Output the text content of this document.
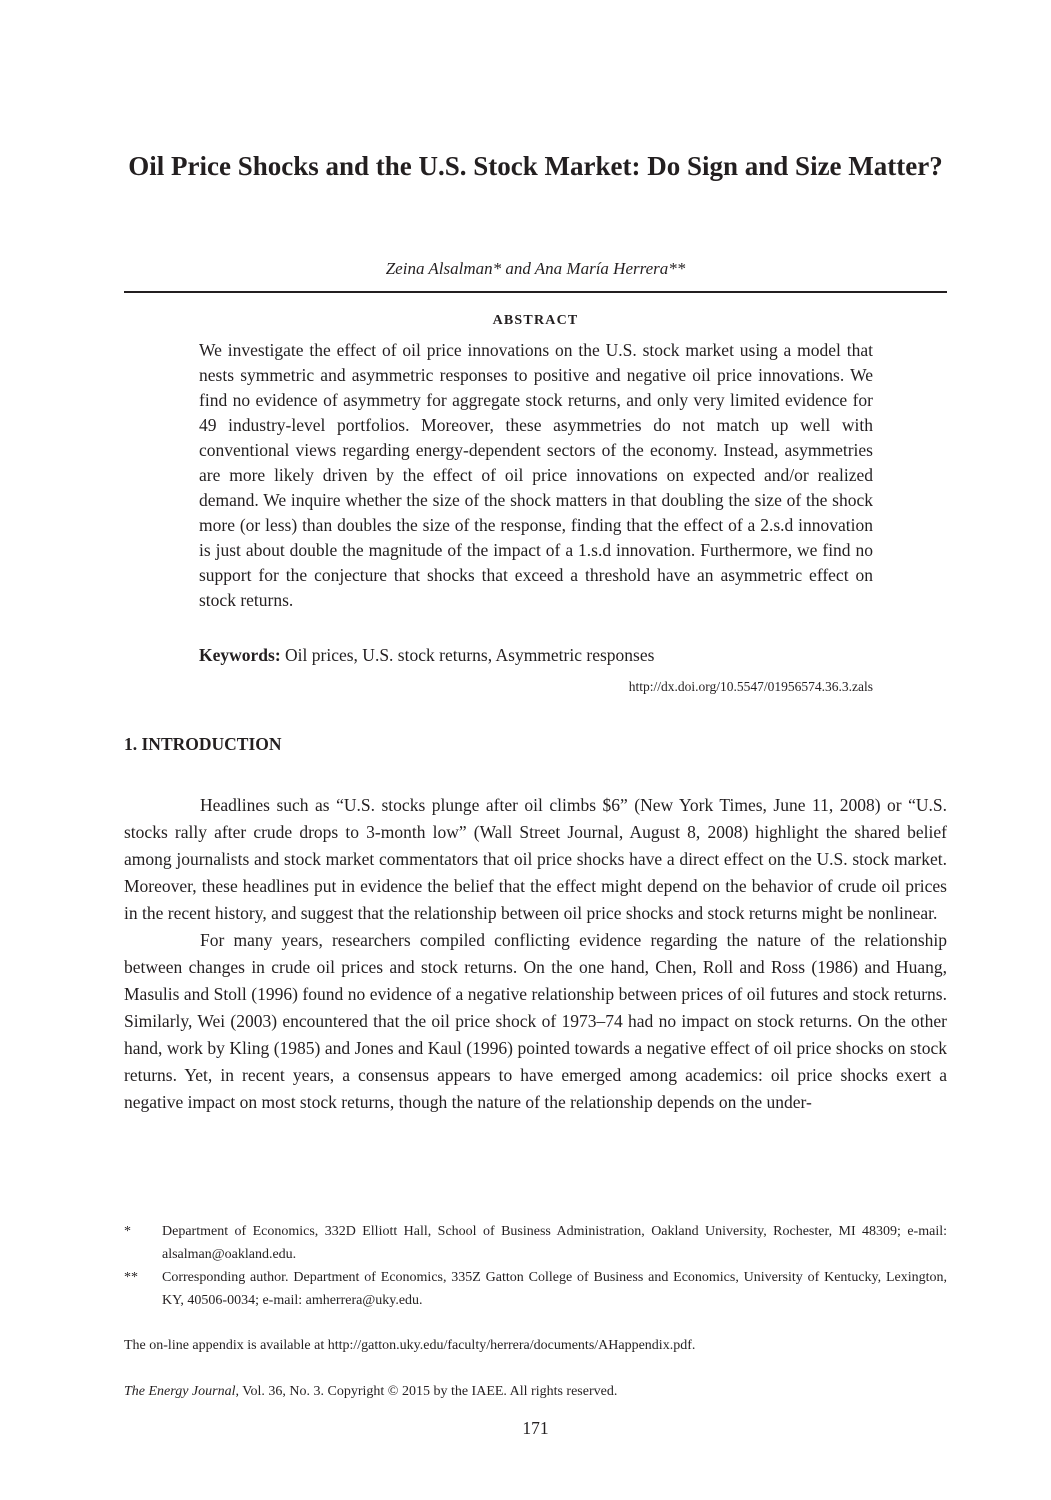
Oil Price Shocks and the U.S. Stock Market: Do Sign and Size Matter?
Zeina Alsalman* and Ana María Herrera**
ABSTRACT

We investigate the effect of oil price innovations on the U.S. stock market using a model that nests symmetric and asymmetric responses to positive and negative oil price innovations. We find no evidence of asymmetry for aggregate stock returns, and only very limited evidence for 49 industry-level portfolios. Moreover, these asymmetries do not match up well with conventional views regarding energy-dependent sectors of the economy. Instead, asymmetries are more likely driven by the effect of oil price innovations on expected and/or realized demand. We inquire whether the size of the shock matters in that doubling the size of the shock more (or less) than doubles the size of the response, finding that the effect of a 2.s.d innovation is just about double the magnitude of the impact of a 1.s.d innovation. Furthermore, we find no support for the conjecture that shocks that exceed a threshold have an asymmetric effect on stock returns.

Keywords: Oil prices, U.S. stock returns, Asymmetric responses

http://dx.doi.org/10.5547/01956574.36.3.zals
1. INTRODUCTION

Headlines such as “U.S. stocks plunge after oil climbs $6” (New York Times, June 11, 2008) or “U.S. stocks rally after crude drops to 3-month low” (Wall Street Journal, August 8, 2008) highlight the shared belief among journalists and stock market commentators that oil price shocks have a direct effect on the U.S. stock market. Moreover, these headlines put in evidence the belief that the effect might depend on the behavior of crude oil prices in the recent history, and suggest that the relationship between oil price shocks and stock returns might be nonlinear.

For many years, researchers compiled conflicting evidence regarding the nature of the relationship between changes in crude oil prices and stock returns. On the one hand, Chen, Roll and Ross (1986) and Huang, Masulis and Stoll (1996) found no evidence of a negative relationship between prices of oil futures and stock returns. Similarly, Wei (2003) encountered that the oil price shock of 1973–74 had no impact on stock returns. On the other hand, work by Kling (1985) and Jones and Kaul (1996) pointed towards a negative effect of oil price shocks on stock returns. Yet, in recent years, a consensus appears to have emerged among academics: oil price shocks exert a negative impact on most stock returns, though the nature of the relationship depends on the under-

*	Department of Economics, 332D Elliott Hall, School of Business Administration, Oakland University, Rochester, MI 48309; e-mail: alsalman@oakland.edu.
**	Corresponding author. Department of Economics, 335Z Gatton College of Business and Economics, University of Kentucky, Lexington, KY, 40506-0034; e-mail: amherrera@uky.edu.
The on-line appendix is available at http://gatton.uky.edu/faculty/herrera/documents/AHappendix.pdf.
The Energy Journal, Vol. 36, No. 3. Copyright © 2015 by the IAEE. All rights reserved.
171
